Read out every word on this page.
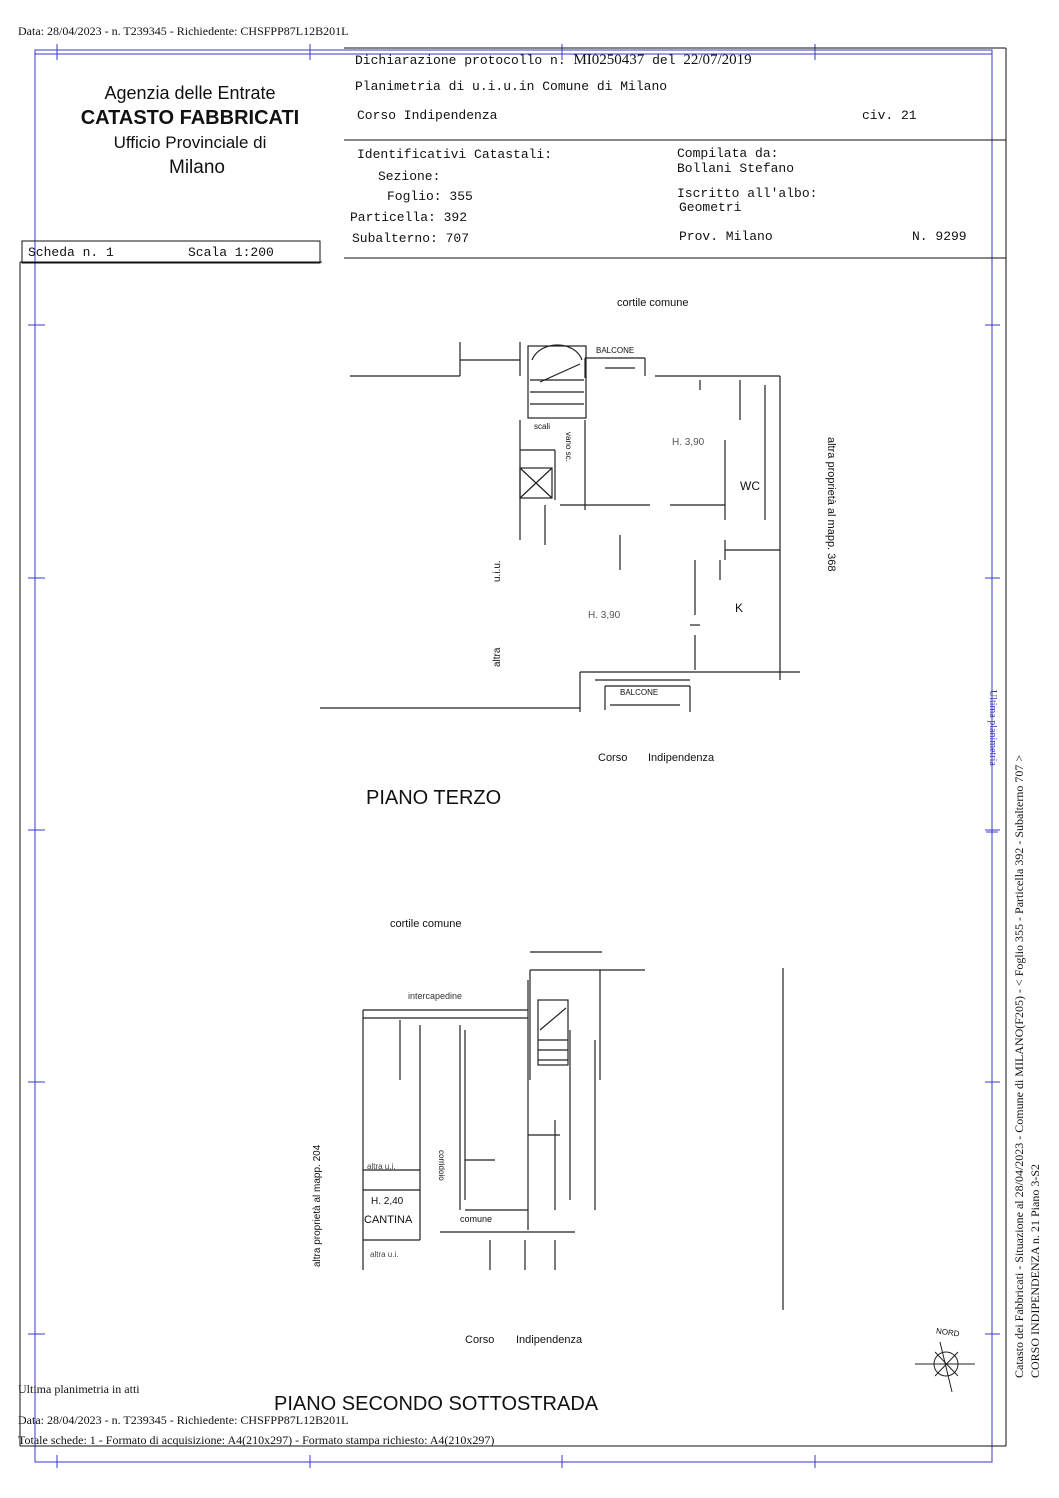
Data: 28/04/2023 - n. T239345 - Richiedente: CHSFPP87L12B201L
Agenzia delle Entrate
CATASTO FABBRICATI
Ufficio Provinciale di
Milano
Dichiarazione protocollo n. MI0250437 del 22/07/2019
Planimetria di u.i.u.in Comune di Milano
Corso Indipendenza	civ. 21
Identificativi Catastali:
Sezione:
Foglio: 355
Particella: 392
Subalterno: 707
Compilata da:
Bollani Stefano
Iscritto all'albo:
Geometri
Prov. Milano	N. 9299
Scheda n. 1	Scala 1:200
cortile comune
BALCONE
scali
H. 3,90
WC
H. 3,90
K
BALCONE
altra proprietà al mapp. 368
u.i.u.
altra
vano sc.
Corso Indipendenza
PIANO TERZO
cortile comune
intercapedine
altra proprietà al mapp. 204	altra u.i.
H. 2,40
CANTINA	comune
altra u.i.
corridoio
Corso Indipendenza
NORD
PIANO SECONDO SOTTOSTRADA
Catasto dei Fabbricati - Situazione al 28/04/2023 - Comune di MILANO(F205) - < Foglio 355 - Particella 392 - Subalterno 707 > CORSO INDIPENDENZA n. 21 Piano 3-S2
Ultima planimetria
Ultima planimetria in atti
Data: 28/04/2023 - n. T239345 - Richiedente: CHSFPP87L12B201L
Totale schede: 1 - Formato di acquisizione: A4(210x297) - Formato stampa richiesto: A4(210x297)
